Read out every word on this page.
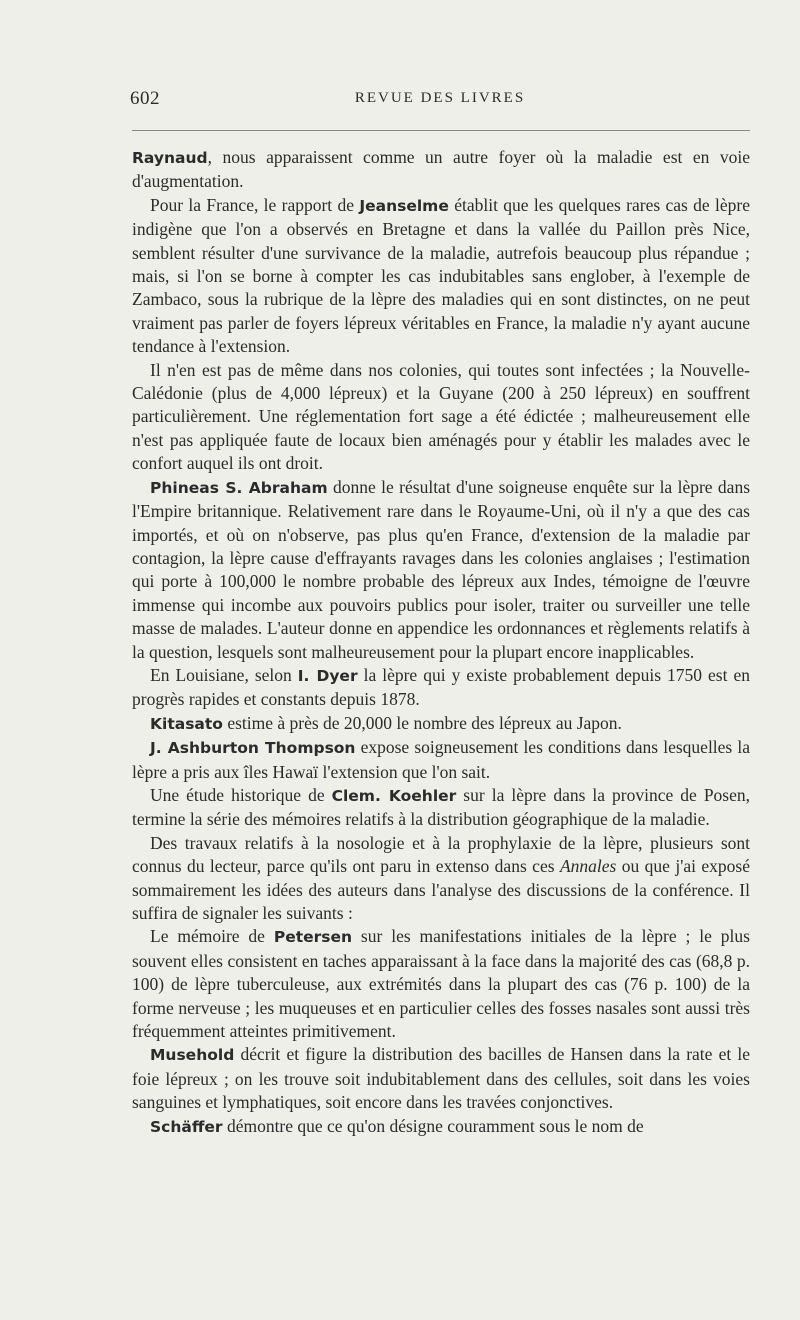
602	REVUE DES LIVRES

Raynaud, nous apparaissent comme un autre foyer où la maladie est en voie d'augmentation.

Pour la France, le rapport de Jeanselme établit que les quelques rares cas de lèpre indigène que l'on a observés en Bretagne et dans la vallée du Paillon près Nice, semblent résulter d'une survivance de la maladie, autrefois beaucoup plus répandue ; mais, si l'on se borne à compter les cas indubitables sans englober, à l'exemple de Zambaco, sous la rubrique de la lèpre des maladies qui en sont distinctes, on ne peut vraiment pas parler de foyers lépreux véritables en France, la maladie n'y ayant aucune tendance à l'extension.

Il n'en est pas de même dans nos colonies, qui toutes sont infectées ; la Nouvelle-Calédonie (plus de 4,000 lépreux) et la Guyane (200 à 250 lépreux) en souffrent particulièrement. Une réglementation fort sage a été édictée ; malheureusement elle n'est pas appliquée faute de locaux bien aménagés pour y établir les malades avec le confort auquel ils ont droit.

Phineas S. Abraham donne le résultat d'une soigneuse enquête sur la lèpre dans l'Empire britannique. Relativement rare dans le Royaume-Uni, où il n'y a que des cas importés, et où on n'observe, pas plus qu'en France, d'extension de la maladie par contagion, la lèpre cause d'effrayants ravages dans les colonies anglaises ; l'estimation qui porte à 100,000 le nombre probable des lépreux aux Indes, témoigne de l'œuvre immense qui incombe aux pouvoirs publics pour isoler, traiter ou surveiller une telle masse de malades. L'auteur donne en appendice les ordonnances et règlements relatifs à la question, lesquels sont malheureusement pour la plupart encore inapplicables.

En Louisiane, selon I. Dyer la lèpre qui y existe probablement depuis 1750 est en progrès rapides et constants depuis 1878.

Kitasato estime à près de 20,000 le nombre des lépreux au Japon.

J. Ashburton Thompson expose soigneusement les conditions dans lesquelles la lèpre a pris aux îles Hawaï l'extension que l'on sait.

Une étude historique de Clem. Koehler sur la lèpre dans la province de Posen, termine la série des mémoires relatifs à la distribution géographique de la maladie.

Des travaux relatifs à la nosologie et à la prophylaxie de la lèpre, plusieurs sont connus du lecteur, parce qu'ils ont paru in extenso dans ces Annales ou que j'ai exposé sommairement les idées des auteurs dans l'analyse des discussions de la conférence. Il suffira de signaler les suivants :

Le mémoire de Petersen sur les manifestations initiales de la lèpre ; le plus souvent elles consistent en taches apparaissant à la face dans la majorité des cas (68,8 p. 100) de lèpre tuberculeuse, aux extrémités dans la plupart des cas (76 p. 100) de la forme nerveuse ; les muqueuses et en particulier celles des fosses nasales sont aussi très fréquemment atteintes primitivement.

Musehold décrit et figure la distribution des bacilles de Hansen dans la rate et le foie lépreux ; on les trouve soit indubitablement dans des cellules, soit dans les voies sanguines et lymphatiques, soit encore dans les travées conjonctives.

Schäffer démontre que ce qu'on désigne couramment sous le nom de
